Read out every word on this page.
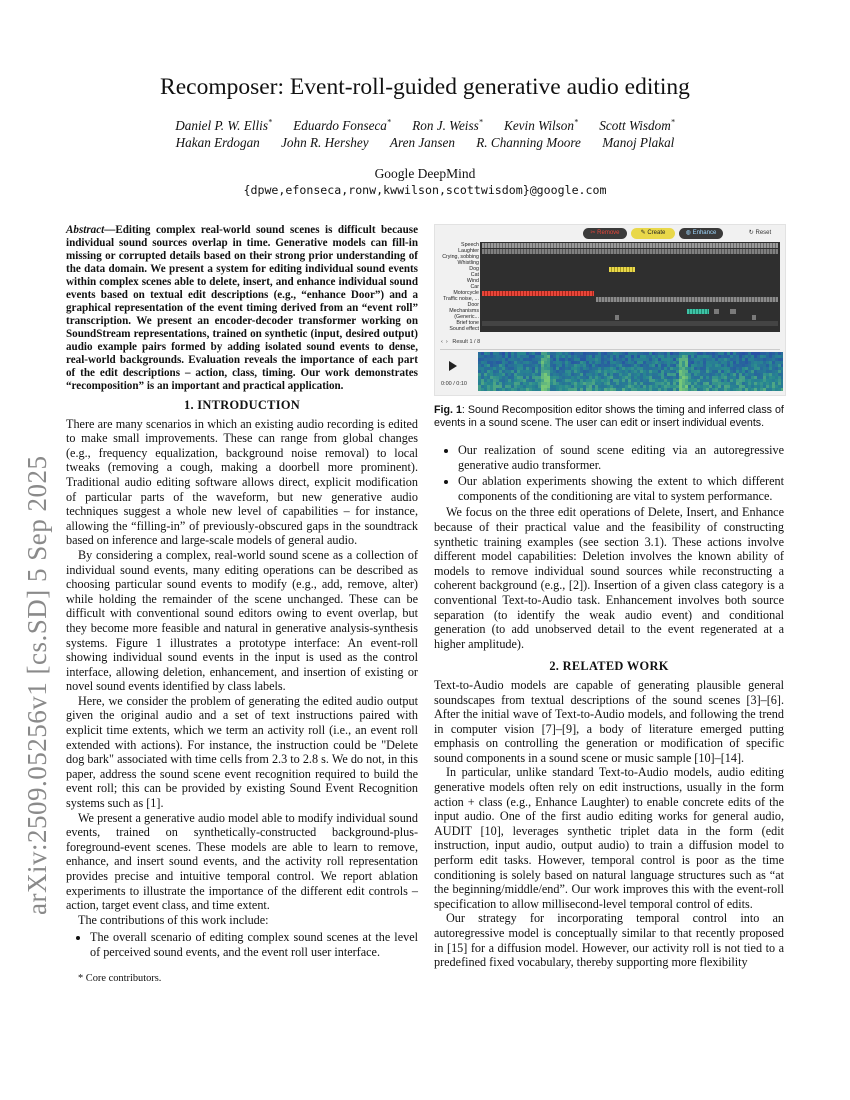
arXiv:2509.05256v1 [cs.SD] 5 Sep 2025
Recomposer: Event-roll-guided generative audio editing
Daniel P. W. Ellis* Eduardo Fonseca* Ron J. Weiss* Kevin Wilson* Scott Wisdom*
Hakan Erdogan John R. Hershey Aren Jansen R. Channing Moore Manoj Plakal
Google DeepMind
{dpwe,efonseca,ronw,kwwilson,scottwisdom}@google.com
Abstract—Editing complex real-world sound scenes is difficult because individual sound sources overlap in time. Generative models can fill-in missing or corrupted details based on their strong prior understanding of the data domain. We present a system for editing individual sound events within complex scenes able to delete, insert, and enhance individual sound events based on textual edit descriptions (e.g., “enhance Door”) and a graphical representation of the event timing derived from an “event roll” transcription. We present an encoder-decoder transformer working on SoundStream representations, trained on synthetic (input, desired output) audio example pairs formed by adding isolated sound events to dense, real-world backgrounds. Evaluation reveals the importance of each part of the edit descriptions – action, class, timing. Our work demonstrates “recomposition” is an important and practical application.
1. INTRODUCTION

There are many scenarios in which an existing audio recording is edited to make small improvements. These can range from global changes (e.g., frequency equalization, background noise removal) to local tweaks (removing a cough, making a doorbell more prominent). Traditional audio editing software allows direct, explicit modification of particular parts of the waveform, but new generative audio techniques suggest a whole new level of capabilities – for instance, allowing the “filling-in” of previously-obscured gaps in the soundtrack based on inference and large-scale models of general audio.

By considering a complex, real-world sound scene as a collection of individual sound events, many editing operations can be described as choosing particular sound events to modify (e.g., add, remove, alter) while holding the remainder of the scene unchanged. These can be difficult with conventional sound editors owing to event overlap, but they become more feasible and natural in generative analysis-synthesis systems. Figure 1 illustrates a prototype interface: An event-roll showing individual sound events in the input is used as the control interface, allowing deletion, enhancement, and insertion of existing or novel sound events identified by class labels.

Here, we consider the problem of generating the edited audio output given the original audio and a set of text instructions paired with explicit time extents, which we term an activity roll (i.e., an event roll extended with actions). For instance, the instruction could be "Delete dog bark" associated with time cells from 2.3 to 2.8 s. We do not, in this paper, address the sound scene event recognition required to build the event roll; this can be provided by existing Sound Event Recognition systems such as [1].

We present a generative audio model able to modify individual sound events, trained on synthetically-constructed background-plus-foreground-event scenes. These models are able to learn to remove, enhance, and insert sound events, and the activity roll representation provides precise and intuitive temporal control. We report ablation experiments to illustrate the importance of the different edit controls – action, target event class, and time extent.

The contributions of this work include:

• The overall scenario of editing complex sound scenes at the level of perceived sound events, and the event roll user interface.
* Core contributors.
✂ Remove	✎ Create	◍ Enhance	↻ Reset
Speech
Laughter
Crying, sobbing
Whistling
Dog
Cat
Wind
Car
Motorcycle
Traffic noise, ...
Door
Mechanisms
(Generic...
Brief tone
Sound effect
‹ › Result 1 / 8
0:00 / 0:10
Fig. 1: Sound Recomposition editor shows the timing and inferred class of events in a sound scene. The user can edit or insert individual events.
• Our realization of sound scene editing via an autoregressive generative audio transformer.
• Our ablation experiments showing the extent to which different components of the conditioning are vital to system performance.

We focus on the three edit operations of Delete, Insert, and Enhance because of their practical value and the feasibility of constructing synthetic training examples (see section 3.1). These actions involve different model capabilities: Deletion involves the known ability of models to remove individual sound sources while reconstructing a coherent background (e.g., [2]). Insertion of a given class category is a conventional Text-to-Audio task. Enhancement involves both source separation (to identify the weak audio event) and conditional generation (to add unobserved detail to the event regenerated at a higher amplitude).

2. RELATED WORK

Text-to-Audio models are capable of generating plausible general soundscapes from textual descriptions of the sound scenes [3]–[6]. After the initial wave of Text-to-Audio models, and following the trend in computer vision [7]–[9], a body of literature emerged putting emphasis on controlling the generation or modification of specific sound components in a sound scene or music sample [10]–[14].

In particular, unlike standard Text-to-Audio models, audio editing generative models often rely on edit instructions, usually in the form action + class (e.g., Enhance Laughter) to enable concrete edits of the input audio. One of the first audio editing works for general audio, AUDIT [10], leverages synthetic triplet data in the form (edit instruction, input audio, output audio) to train a diffusion model to perform edit tasks. However, temporal control is poor as the time conditioning is solely based on natural language structures such as “at the beginning/middle/end”. Our work improves this with the event-roll specification to allow millisecond-level temporal control of edits.

Our strategy for incorporating temporal control into an autoregressive model is conceptually similar to that recently proposed in [15] for a diffusion model. However, our activity roll is not tied to a predefined fixed vocabulary, thereby supporting more flexibility
